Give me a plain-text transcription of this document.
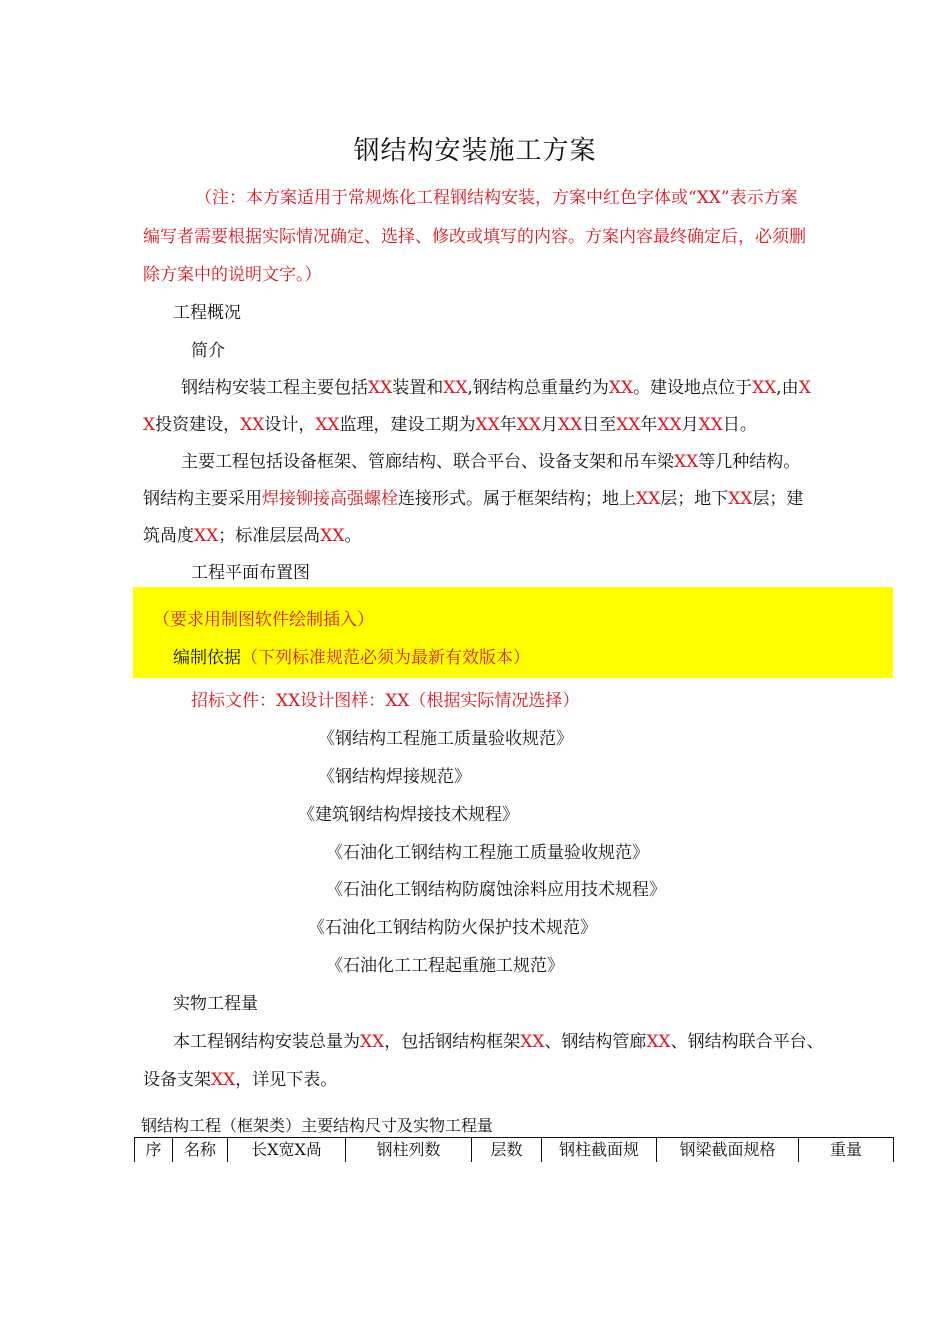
钢结构安装施工方案
（注：本方案适用于常规炼化工程钢结构安装，方案中红色字体或“XX”表示方案
编写者需要根据实际情况确定、选择、修改或填写的内容。方案内容最终确定后，必须删
除方案中的说明文字。）
工程概况
简介
钢结构安装工程主要包括XX装置和XX,钢结构总重量约为XX。建设地点位于XX,由X
X投资建设，XX设计，XX监理，建设工期为XX年XX月XX日至XX年XX月XX日。
主要工程包括设备框架、管廊结构、联合平台、设备支架和吊车梁XX等几种结构。
钢结构主要采用焊接铆接高强螺栓连接形式。属于框架结构；地上XX层；地下XX层；建
筑咼度XX；标准层层咼XX。
工程平面布置图
（要求用制图软件绘制插入）
编制依据（下列标准规范必须为最新有效版本）
招标文件：XX设计图样：XX（根据实际情况选择）
《钢结构工程施工质量验收规范》
《钢结构焊接规范》
《建筑钢结构焊接技术规程》
《石油化工钢结构工程施工质量验收规范》
《石油化工钢结构防腐蚀涂料应用技术规程》
《石油化工钢结构防火保护技术规范》
《石油化工工程起重施工规范》
实物工程量
本工程钢结构安装总量为XX，包括钢结构框架XX、钢结构管廊XX、钢结构联合平台、
设备支架XX，详见下表。
钢结构工程（框架类）主要结构尺寸及实物工程量
序	名称	长X宽X咼	钢柱列数	层数	钢柱截面规	钢梁截面规格	重量
